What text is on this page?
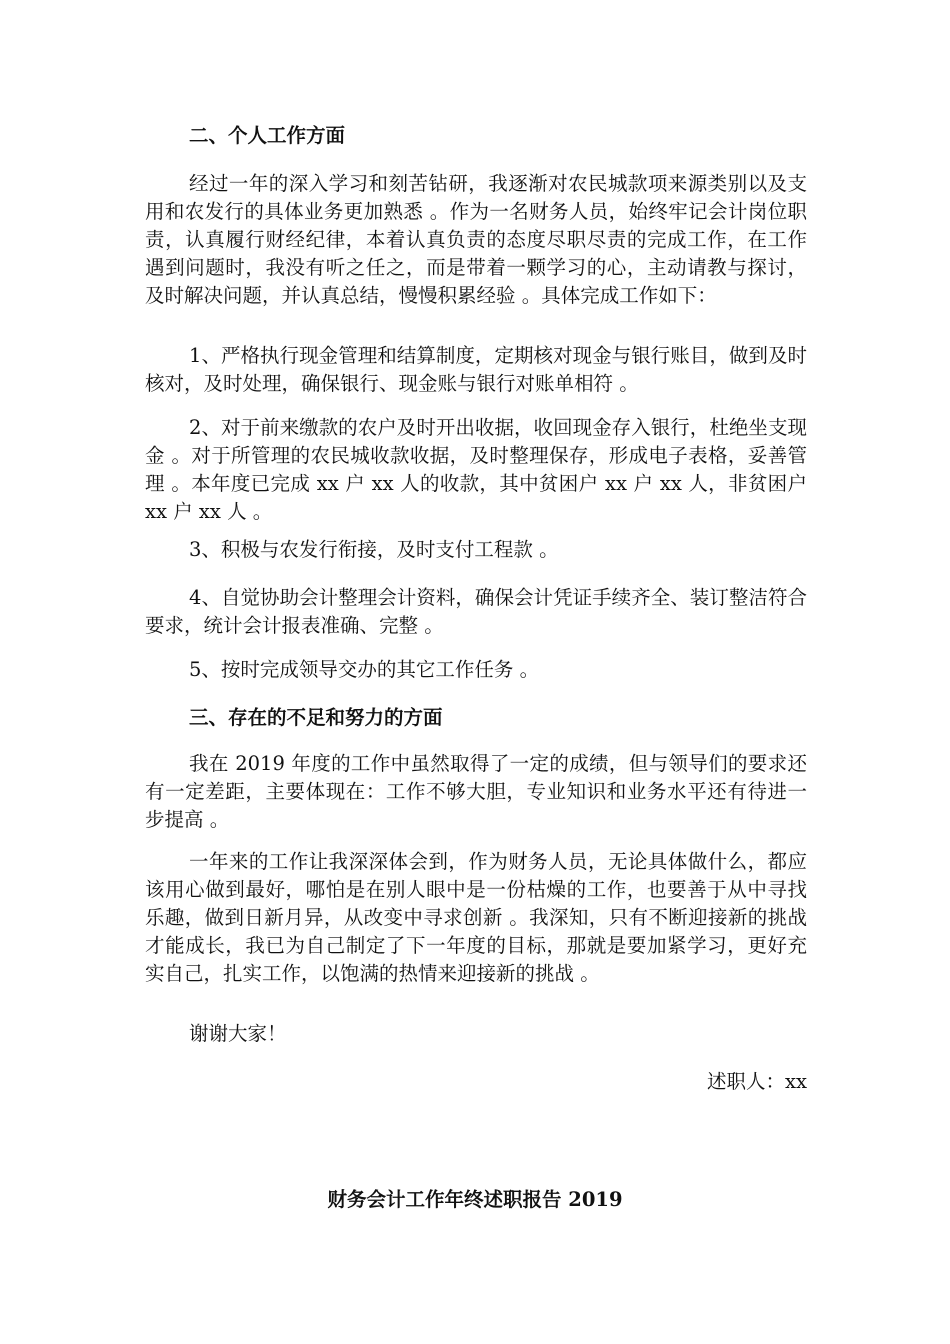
二、个人工作方面

经过一年的深入学习和刻苦钻研，我逐渐对农民城款项来源类别以及支用和农发行的具体业务更加熟悉 。作为一名财务人员，始终牢记会计岗位职责，认真履行财经纪律，本着认真负责的态度尽职尽责的完成工作，在工作遇到问题时，我没有听之任之，而是带着一颗学习的心，主动请教与探讨，及时解决问题，并认真总结，慢慢积累经验 。具体完成工作如下：

1、严格执行现金管理和结算制度，定期核对现金与银行账目，做到及时核对，及时处理，确保银行、现金账与银行对账单相符 。

2、对于前来缴款的农户及时开出收据，收回现金存入银行，杜绝坐支现金 。对于所管理的农民城收款收据，及时整理保存，形成电子表格，妥善管理 。本年度已完成 xx 户 xx 人的收款，其中贫困户 xx 户 xx 人，非贫困户 xx 户 xx 人 。

3、积极与农发行衔接，及时支付工程款 。

4、自觉协助会计整理会计资料，确保会计凭证手续齐全、装订整洁符合要求，统计会计报表准确、完整 。

5、按时完成领导交办的其它工作任务 。

三、存在的不足和努力的方面

我在 2019 年度的工作中虽然取得了一定的成绩，但与领导们的要求还有一定差距，主要体现在：工作不够大胆，专业知识和业务水平还有待进一步提高 。

一年来的工作让我深深体会到，作为财务人员，无论具体做什么，都应该用心做到最好，哪怕是在别人眼中是一份枯燥的工作，也要善于从中寻找乐趣，做到日新月异，从改变中寻求创新 。我深知，只有不断迎接新的挑战才能成长，我已为自己制定了下一年度的目标，那就是要加紧学习，更好充实自己，扎实工作，以饱满的热情来迎接新的挑战 。

谢谢大家！

述职人：xx
财务会计工作年终述职报告 2019
